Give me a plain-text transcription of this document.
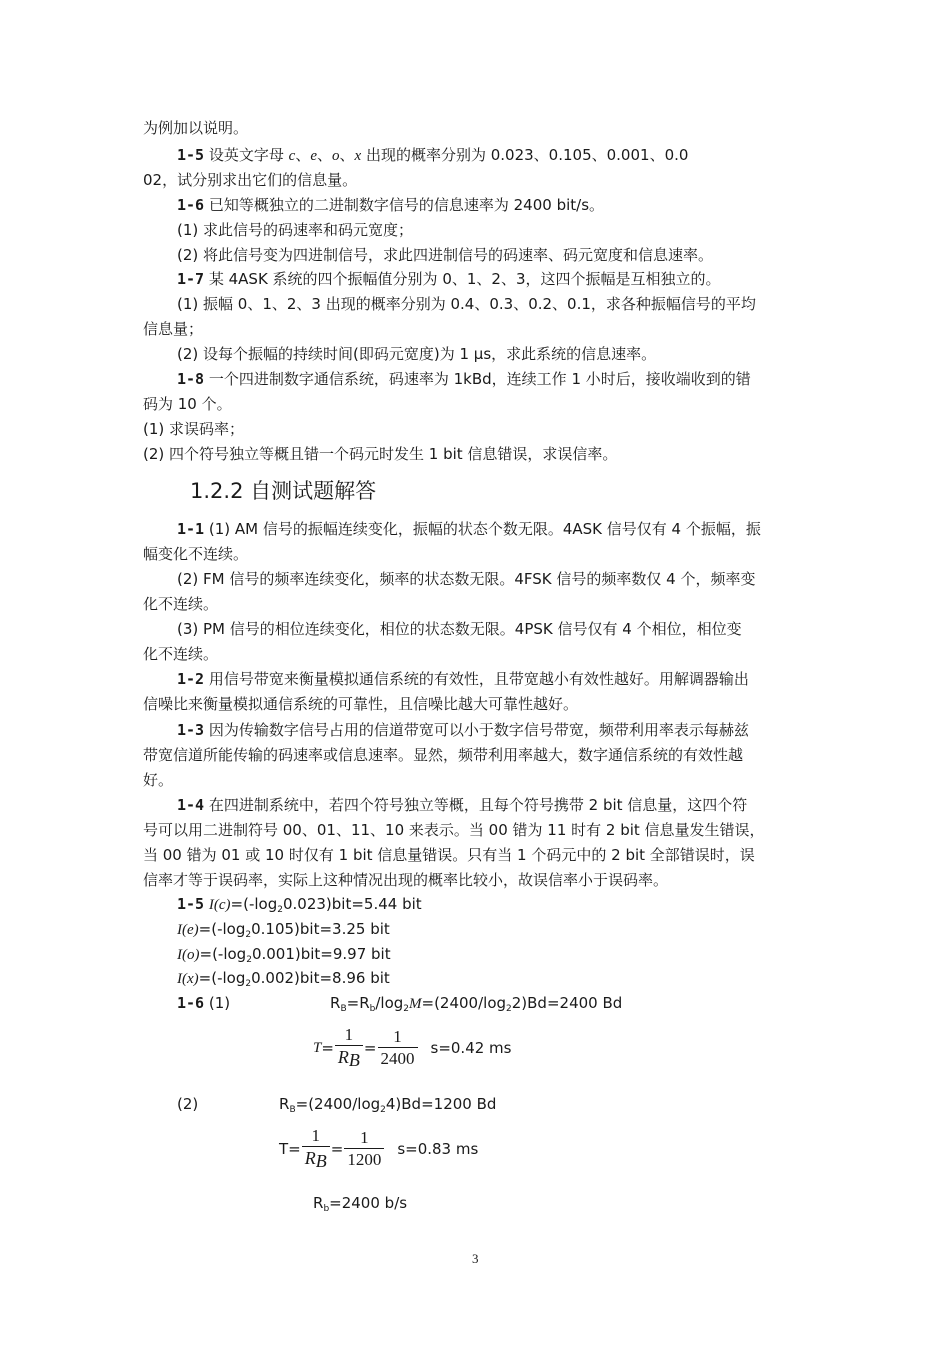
为例加以说明。
1-5 设英文字母 c、e、o、x 出现的概率分别为 0.023、0.105、0.001、0.0
02，试分别求出它们的信息量。
1-6 已知等概独立的二进制数字信号的信息速率为 2400 bit/s。
(1) 求此信号的码速率和码元宽度；
(2) 将此信号变为四进制信号，求此四进制信号的码速率、码元宽度和信息速率。
1-7 某 4ASK 系统的四个振幅值分别为 0、1、2、3，这四个振幅是互相独立的。
(1) 振幅 0、1、2、3 出现的概率分别为 0.4、0.3、0.2、0.1，求各种振幅信号的平均
信息量；
(2) 设每个振幅的持续时间(即码元宽度)为 1 μs，求此系统的信息速率。
1-8 一个四进制数字通信系统，码速率为 1kBd，连续工作 1 小时后，接收端收到的错
码为 10 个。
(1) 求误码率；
(2) 四个符号独立等概且错一个码元时发生 1 bit 信息错误，求误信率。
1.2.2 自测试题解答
1-1 (1) AM 信号的振幅连续变化，振幅的状态个数无限。4ASK 信号仅有 4 个振幅，振
幅变化不连续。
(2) FM 信号的频率连续变化，频率的状态数无限。4FSK 信号的频率数仅 4 个，频率变
化不连续。
(3) PM 信号的相位连续变化，相位的状态数无限。4PSK 信号仅有 4 个相位，相位变
化不连续。
1-2 用信号带宽来衡量模拟通信系统的有效性，且带宽越小有效性越好。用解调器输出
信噪比来衡量模拟通信系统的可靠性，且信噪比越大可靠性越好。
1-3 因为传输数字信号占用的信道带宽可以小于数字信号带宽，频带利用率表示每赫兹
带宽信道所能传输的码速率或信息速率。显然，频带利用率越大，数字通信系统的有效性越
好。
1-4 在四进制系统中，若四个符号独立等概，且每个符号携带 2 bit 信息量，这四个符
号可以用二进制符号 00、01、11、10 来表示。当 00 错为 11 时有 2 bit 信息量发生错误，
当 00 错为 01 或 10 时仅有 1 bit 信息量错误。只有当 1 个码元中的 2 bit 全部错误时，误
信率才等于误码率，实际上这种情况出现的概率比较小，故误信率小于误码率。
1-5 $I(c)=(-\log_20.023)bit=5.44$ bit
$I(e)=(-\log_20.105)bit=3.25$ bit
$I(o)=(-\log_20.001)bit=9.97$ bit
$I(x)=(-\log_20.002)bit=8.96$ bit
1-6 (1)	$R_B=R_b/\log_2M=(2400/\log_22)Bd=2400$ Bd
$T = \frac{1}{R_B} = \frac{1}{2400} s=0.42$ ms
(2)	$R_B=(2400/\log_24)Bd=1200$ Bd
$T= \frac{1}{R_B} = \frac{1}{1200} s=0.83$ ms
$R_b=2400$ b/s
3
